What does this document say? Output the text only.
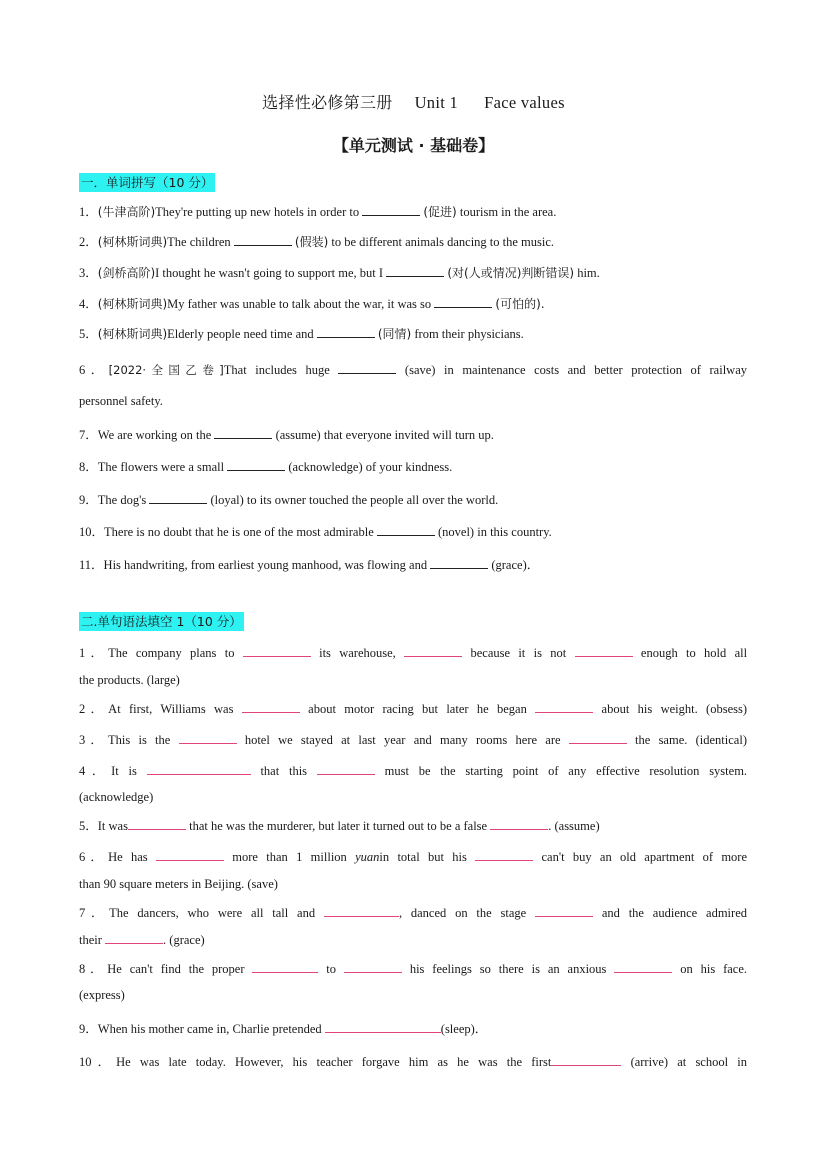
选择性必修第三册 Unit 1 Face values
【单元测试 · 基础卷】
一．单词拼写（10 分）
1．(牛津高阶)They're putting up new hotels in order to	(促进) tourism in the area.
2．(柯林斯词典)The children	(假装) to be different animals dancing to the music.
3．(剑桥高阶)I thought he wasn't going to support me, but I	(对(人或情况)判断错误) him.
4．(柯林斯词典)My father was unable to talk about the war, it was so	(可怕的).
5．(柯林斯词典)Elderly people need time and	(同情) from their physicians.
6．[2022·全国乙卷]That includes huge	(save) in maintenance costs and better protection of railway
personnel safety.
7．We are working on the	(assume) that everyone invited will turn up.
8．The flowers were a small	(acknowledge) of your kindness.
9．The dog's	(loyal) to its owner touched the people all over the world.
10．There is no doubt that he is one of the most admirable	(novel) in this country.
11．His handwriting, from earliest young manhood, was flowing and	(grace)．
二.单句语法填空 1（10 分）
1．The company plans to	its warehouse,	because it is not	enough to hold all
the products. (large)
2．At first, Williams was	about motor racing but later he began	about his weight. (obsess)
3．This is the	hotel we stayed at last year and many rooms here are	the same. (identical)
4．It is	that this	must be the starting point of any effective resolution system.
(acknowledge)
5．It was	that he was the murderer, but later it turned out to be a false	. (assume)
6．He has	more than 1 million yuanin total but his	can't buy an old apartment of more
than 90 square meters in Beijing. (save)
7．The dancers, who were all tall and	, danced on the stage	and the audience admired
their	. (grace)
8．He can't find the proper	to	his feelings so there is an anxious	on his face.
(express)
9．When his mother came in, Charlie pretended	(sleep)．
10．He was late today. However, his teacher forgave him as he was the first	(arrive) at school in
